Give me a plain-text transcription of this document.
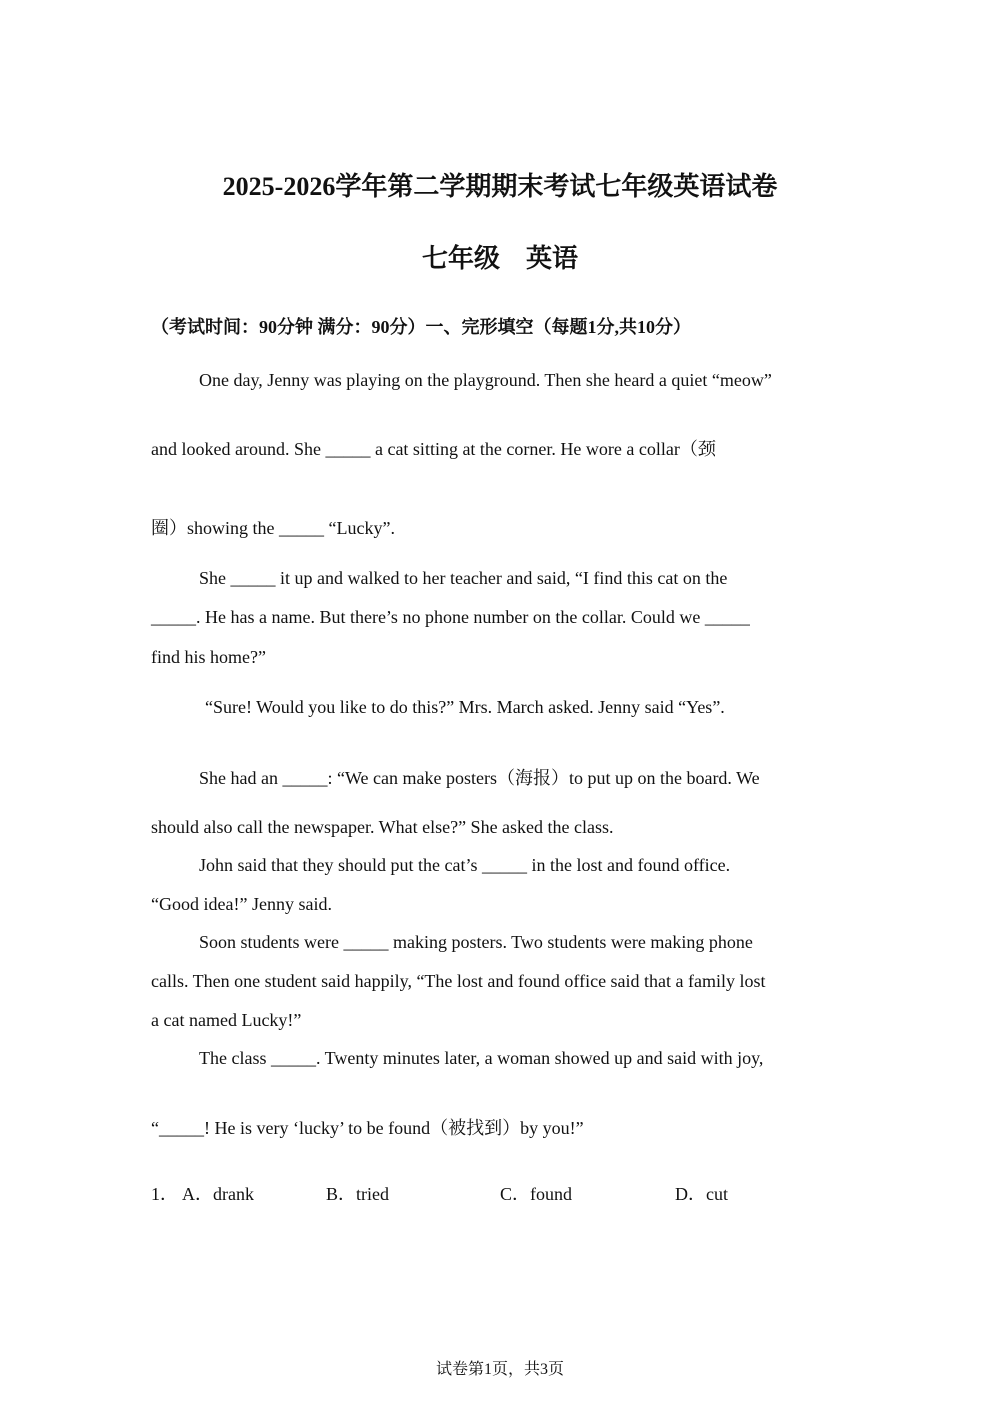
2025-2026学年第二学期期末考试七年级英语试卷
七年级　英语
（考试时间：90分钟 满分：90分）一、完形填空（每题1分,共10分）
One day, Jenny was playing on the playground. Then she heard a quiet “meow”
and looked around. She _____ a cat sitting at the corner. He wore a collar（颈
圈）showing the _____ “Lucky”.
She _____ it up and walked to her teacher and said, “I find this cat on the
_____. He has a name. But there’s no phone number on the collar. Could we _____
find his home?”
“Sure! Would you like to do this?” Mrs. March asked. Jenny said “Yes”.
She had an _____: “We can make posters（海报）to put up on the board. We
should also call the newspaper. What else?” She asked the class.
John said that they should put the cat’s _____ in the lost and found office.
“Good idea!” Jenny said.
Soon students were _____ making posters. Two students were making phone
calls. Then one student said happily, “The lost and found office said that a family lost
a cat named Lucky!”
The class _____. Twenty minutes later, a woman showed up and said with joy,
“_____! He is very ‘lucky’ to be found（被找到）by you!”
1． A．drank	B．tried	C．found	D．cut
试卷第1页，共3页
